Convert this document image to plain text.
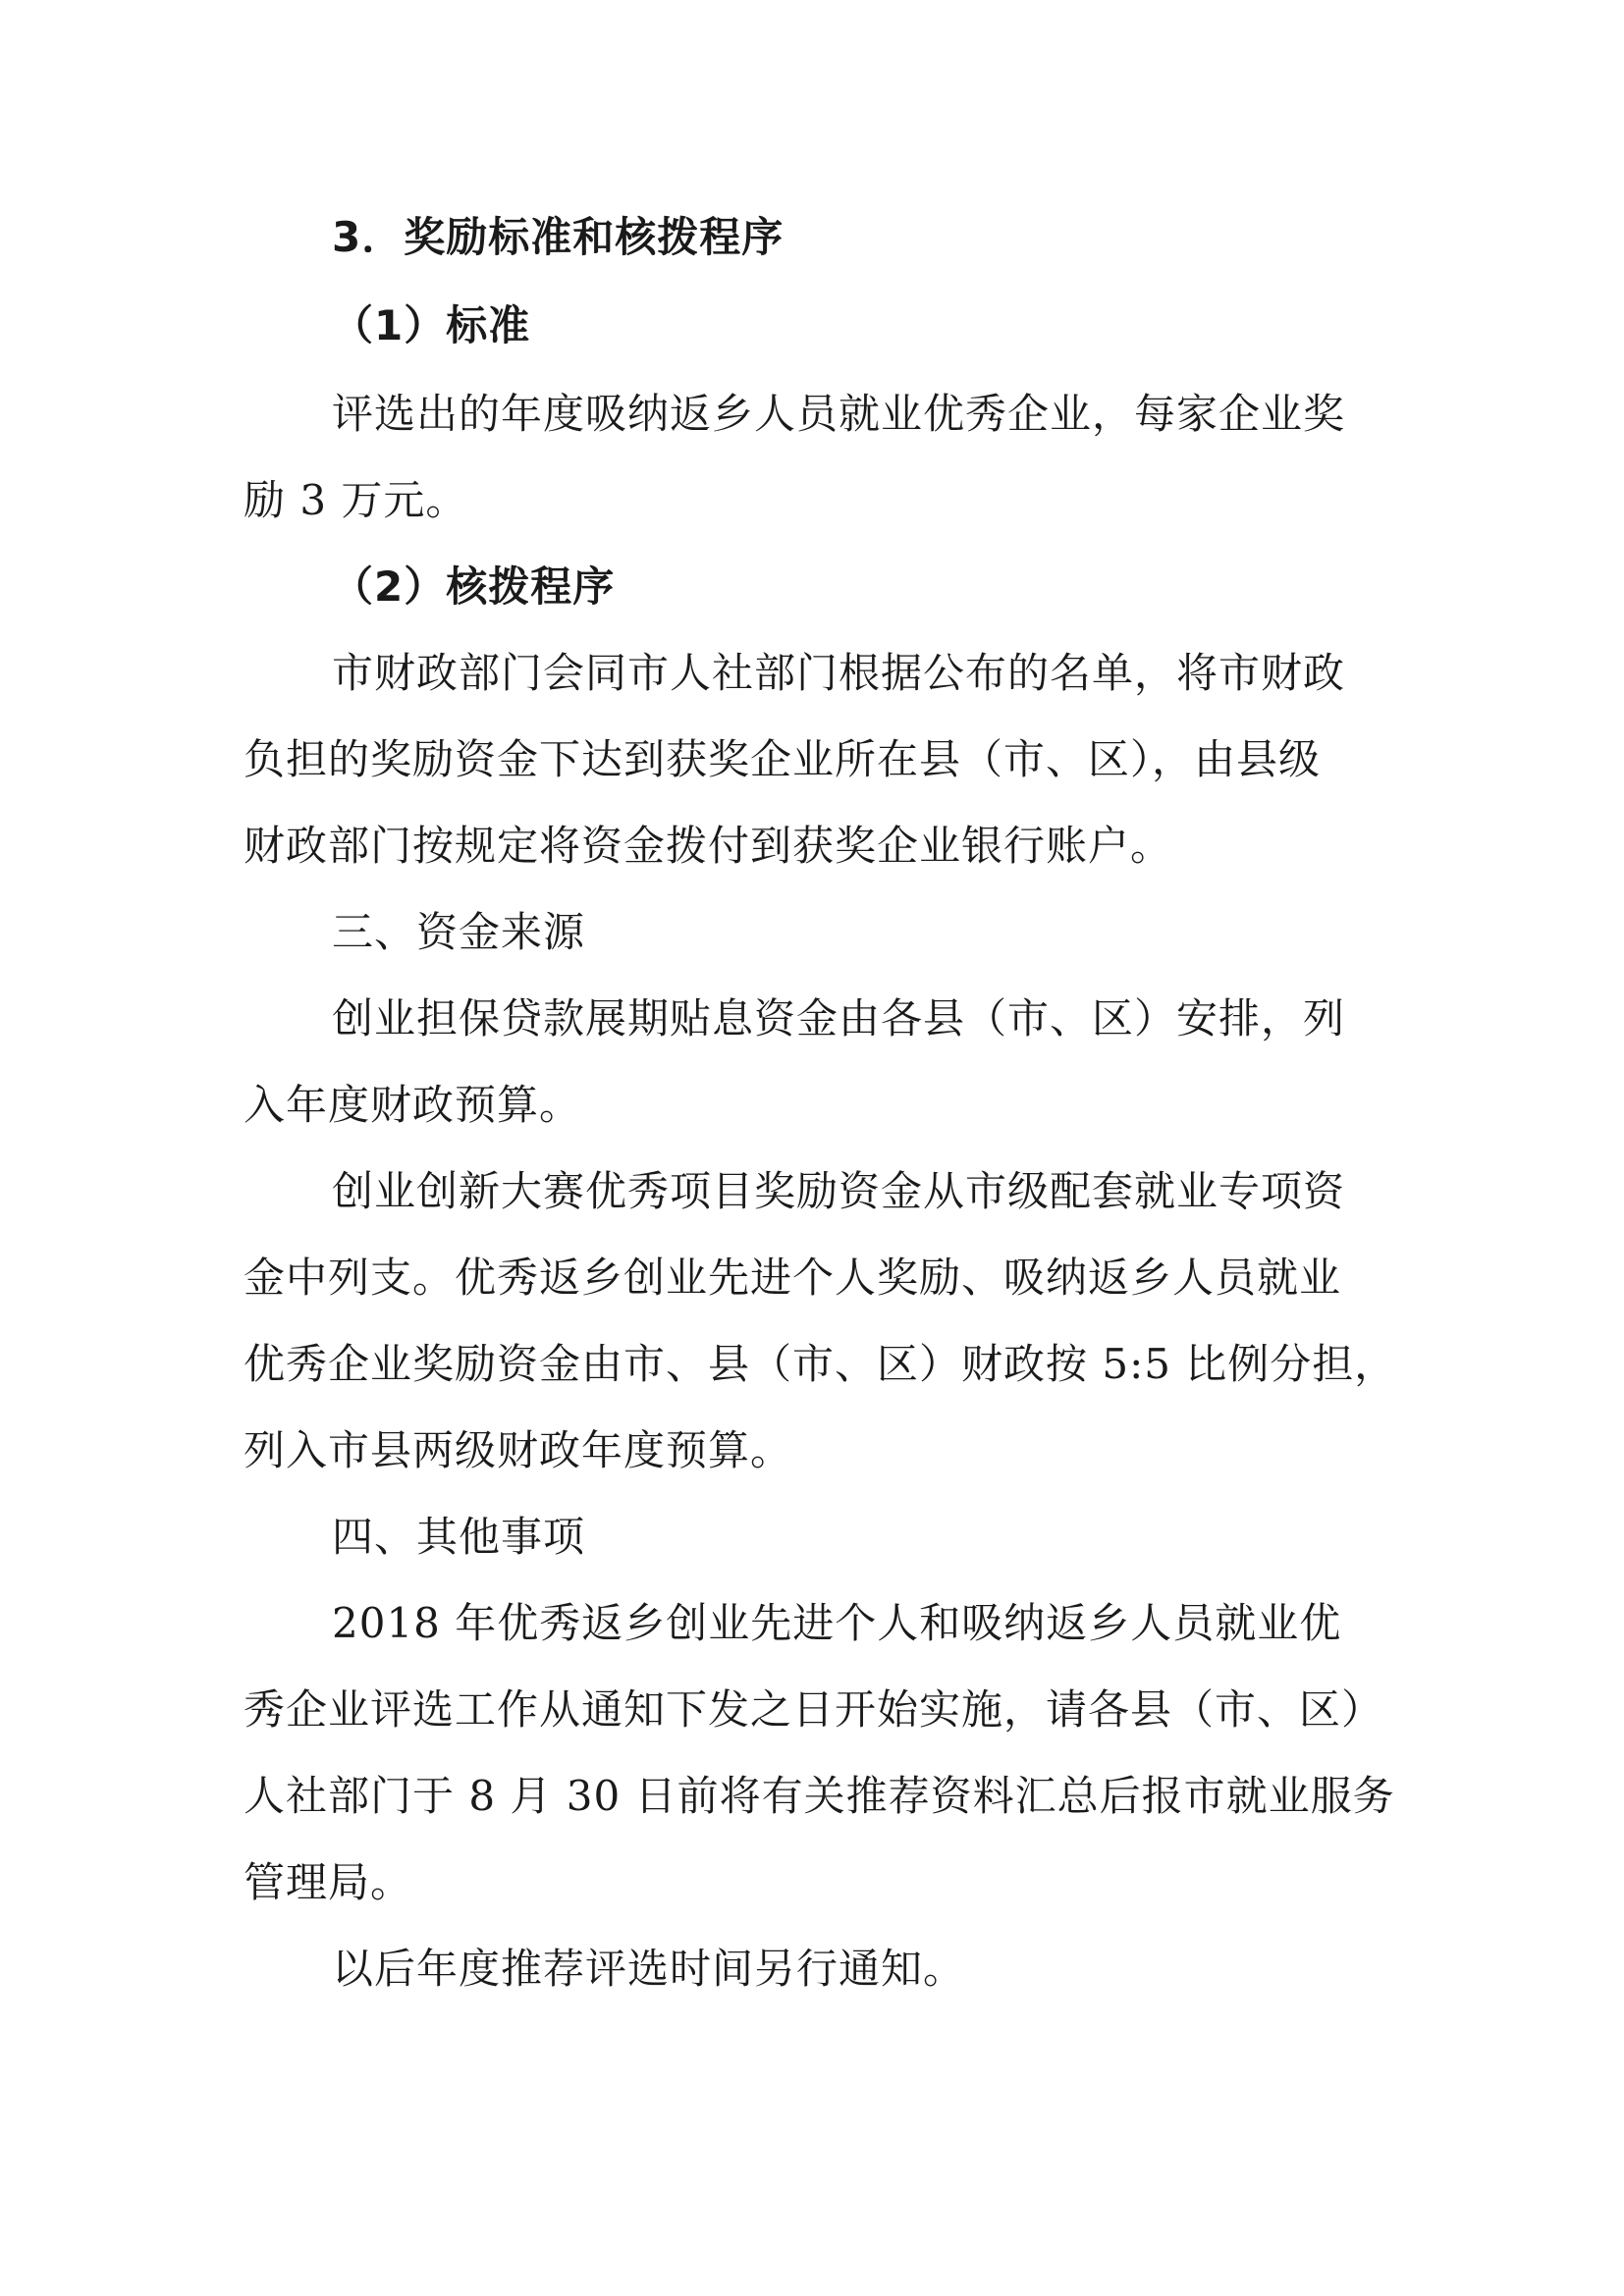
3．奖励标准和核拨程序
（1）标准
评选出的年度吸纳返乡人员就业优秀企业，每家企业奖
励 3 万元。
（2）核拨程序
市财政部门会同市人社部门根据公布的名单，将市财政
负担的奖励资金下达到获奖企业所在县（市、区），由县级
财政部门按规定将资金拨付到获奖企业银行账户。
三、资金来源
创业担保贷款展期贴息资金由各县（市、区）安排，列
入年度财政预算。
创业创新大赛优秀项目奖励资金从市级配套就业专项资
金中列支。优秀返乡创业先进个人奖励、吸纳返乡人员就业
优秀企业奖励资金由市、县（市、区）财政按 5:5 比例分担，
列入市县两级财政年度预算。
四、其他事项
2018 年优秀返乡创业先进个人和吸纳返乡人员就业优
秀企业评选工作从通知下发之日开始实施，请各县（市、区）
人社部门于 8 月 30 日前将有关推荐资料汇总后报市就业服务
管理局。
以后年度推荐评选时间另行通知。
